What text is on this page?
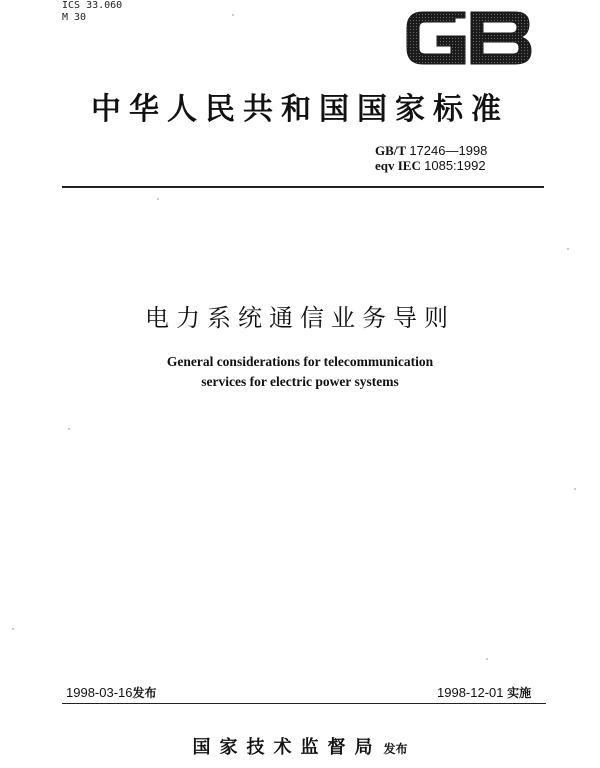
ICS 33.060
M 30
中华人民共和国国家标准
GB/T 17246—1998
eqv IEC 1085:1992
电力系统通信业务导则
General considerations for telecommunication
services for electric power systems
1998-03-16发布	1998-12-01 实施
国家技术监督局 发布
